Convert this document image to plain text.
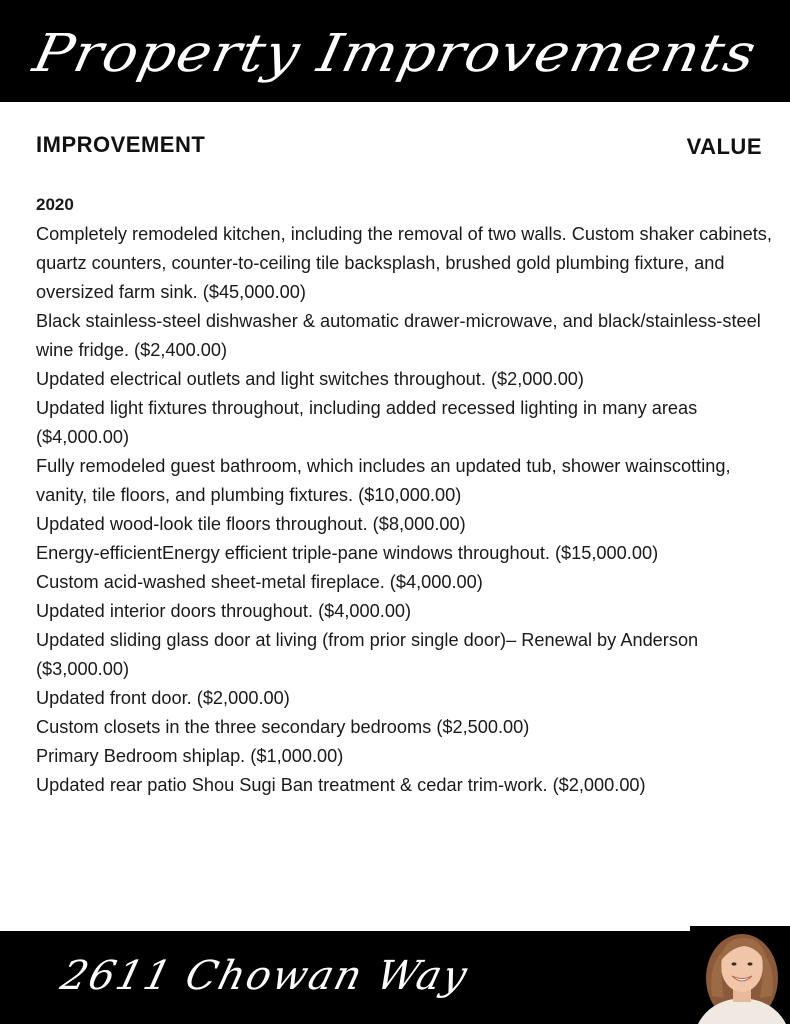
Property Improvements
IMPROVEMENT	VALUE

2020

Completely remodeled kitchen, including the removal of two walls. Custom shaker cabinets, quartz counters, counter-to-ceiling tile backsplash, brushed gold plumbing fixture, and oversized farm sink. ($45,000.00)

Black stainless-steel dishwasher & automatic drawer-microwave, and black/stainless-steel wine fridge. ($2,400.00)

Updated electrical outlets and light switches throughout. ($2,000.00)

Updated light fixtures throughout, including added recessed lighting in many areas ($4,000.00)

Fully remodeled guest bathroom, which includes an updated tub, shower wainscotting, vanity, tile floors, and plumbing fixtures. ($10,000.00)

Updated wood-look tile floors throughout. ($8,000.00)

Energy-efficientEnergy efficient triple-pane windows throughout. ($15,000.00)

Custom acid-washed sheet-metal fireplace. ($4,000.00)

Updated interior doors throughout. ($4,000.00)

Updated sliding glass door at living (from prior single door)– Renewal by Anderson ($3,000.00)

Updated front door. ($2,000.00)

Custom closets in the three secondary bedrooms ($2,500.00)

Primary Bedroom shiplap. ($1,000.00)

Updated rear patio Shou Sugi Ban treatment & cedar trim-work. ($2,000.00)

2611 Chowan Way
